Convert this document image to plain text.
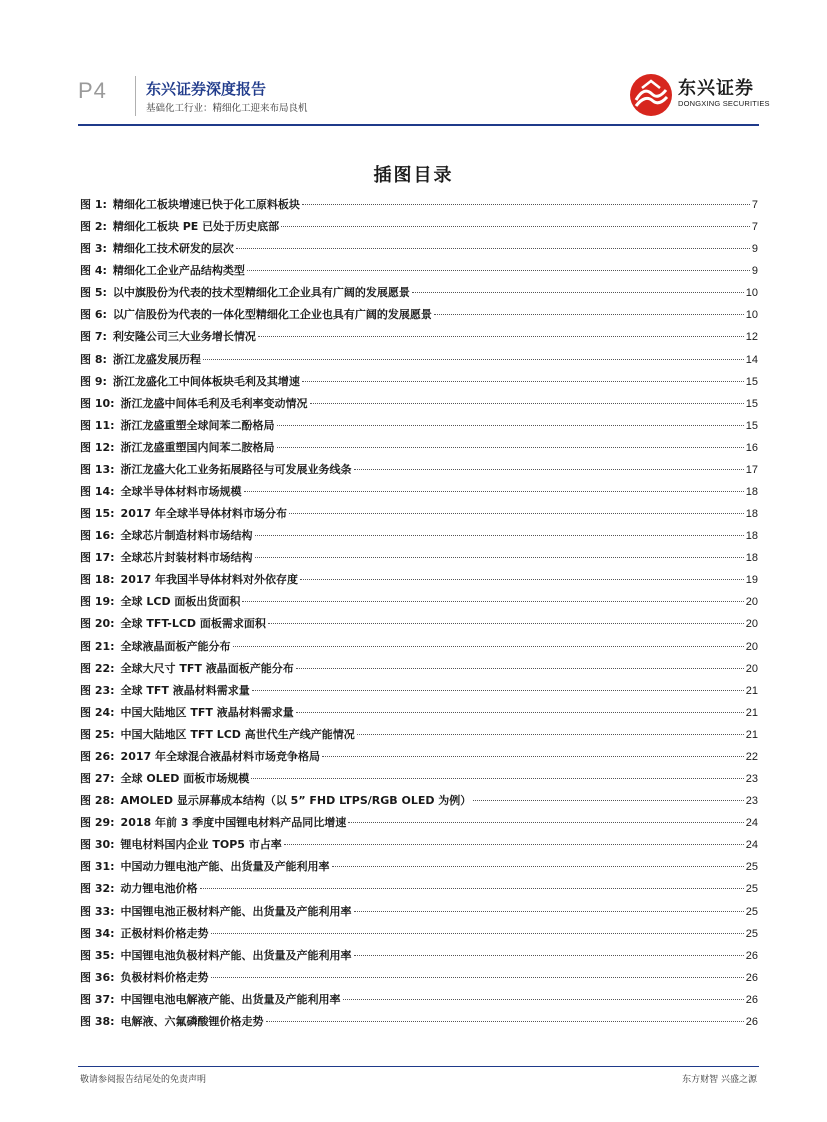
P4	东兴证券深度报告
基础化工行业：精细化工迎来布局良机
东兴证券
DONGXING SECURITIES
插图目录
图 1: 精细化工板块增速已快于化工原料板块	7
图 2: 精细化工板块 PE 已处于历史底部	7
图 3: 精细化工技术研发的层次	9
图 4: 精细化工企业产品结构类型	9
图 5: 以中旗股份为代表的技术型精细化工企业具有广阔的发展愿景	10
图 6: 以广信股份为代表的一体化型精细化工企业也具有广阔的发展愿景	10
图 7: 利安隆公司三大业务增长情况	12
图 8: 浙江龙盛发展历程	14
图 9: 浙江龙盛化工中间体板块毛利及其增速	15
图 10: 浙江龙盛中间体毛利及毛利率变动情况	15
图 11: 浙江龙盛重塑全球间苯二酚格局	15
图 12: 浙江龙盛重塑国内间苯二胺格局	16
图 13: 浙江龙盛大化工业务拓展路径与可发展业务线条	17
图 14: 全球半导体材料市场规模	18
图 15: 2017 年全球半导体材料市场分布	18
图 16: 全球芯片制造材料市场结构	18
图 17: 全球芯片封装材料市场结构	18
图 18: 2017 年我国半导体材料对外依存度	19
图 19: 全球 LCD 面板出货面积	20
图 20: 全球 TFT-LCD 面板需求面积	20
图 21: 全球液晶面板产能分布	20
图 22: 全球大尺寸 TFT 液晶面板产能分布	20
图 23: 全球 TFT 液晶材料需求量	21
图 24: 中国大陆地区 TFT 液晶材料需求量	21
图 25: 中国大陆地区 TFT LCD 高世代生产线产能情况	21
图 26: 2017 年全球混合液晶材料市场竞争格局	22
图 27: 全球 OLED 面板市场规模	23
图 28: AMOLED 显示屏幕成本结构（以 5” FHD LTPS/RGB OLED 为例）	23
图 29: 2018 年前 3 季度中国锂电材料产品同比增速	24
图 30: 锂电材料国内企业 TOP5 市占率	24
图 31: 中国动力锂电池产能、出货量及产能利用率	25
图 32: 动力锂电池价格	25
图 33: 中国锂电池正极材料产能、出货量及产能利用率	25
图 34: 正极材料价格走势	25
图 35: 中国锂电池负极材料产能、出货量及产能利用率	26
图 36: 负极材料价格走势	26
图 37: 中国锂电池电解液产能、出货量及产能利用率	26
图 38: 电解液、六氟磷酸锂价格走势	26
敬请参阅报告结尾处的免责声明	东方财智 兴盛之源
